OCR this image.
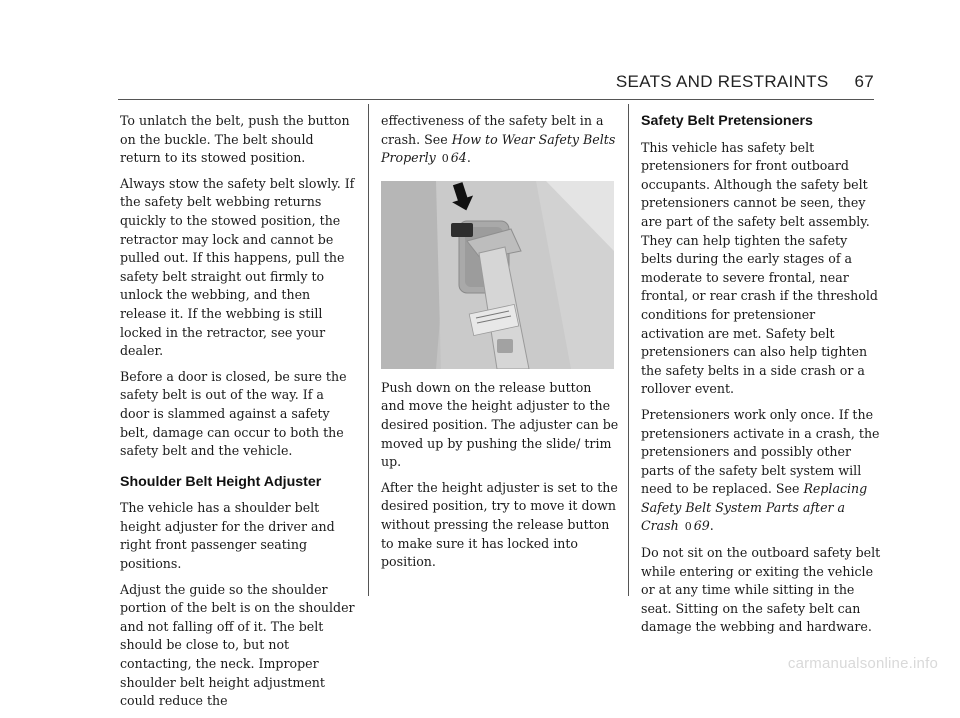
SEATS AND RESTRAINTS 67

To unlatch the belt, push the button on the buckle. The belt should return to its stowed position.

Always stow the safety belt slowly. If the safety belt webbing returns quickly to the stowed position, the retractor may lock and cannot be pulled out. If this happens, pull the safety belt straight out firmly to unlock the webbing, and then release it. If the webbing is still locked in the retractor, see your dealer.

Before a door is closed, be sure the safety belt is out of the way. If a door is slammed against a safety belt, damage can occur to both the safety belt and the vehicle.

Shoulder Belt Height Adjuster

The vehicle has a shoulder belt height adjuster for the driver and right front passenger seating positions.

Adjust the guide so the shoulder portion of the belt is on the shoulder and not falling off of it. The belt should be close to, but not contacting, the neck. Improper shoulder belt height adjustment could reduce the

effectiveness of the safety belt in a crash. See How to Wear Safety Belts Properly 0 64.

Push down on the release button and move the height adjuster to the desired position. The adjuster can be moved up by pushing the slide/ trim up.

After the height adjuster is set to the desired position, try to move it down without pressing the release button to make sure it has locked into position.

Safety Belt Pretensioners

This vehicle has safety belt pretensioners for front outboard occupants. Although the safety belt pretensioners cannot be seen, they are part of the safety belt assembly. They can help tighten the safety belts during the early stages of a moderate to severe frontal, near frontal, or rear crash if the threshold conditions for pretensioner activation are met. Safety belt pretensioners can also help tighten the safety belts in a side crash or a rollover event.

Pretensioners work only once. If the pretensioners activate in a crash, the pretensioners and possibly other parts of the safety belt system will need to be replaced. See Replacing Safety Belt System Parts after a Crash 0 69.

Do not sit on the outboard safety belt while entering or exiting the vehicle or at any time while sitting in the seat. Sitting on the safety belt can damage the webbing and hardware.

carmanualsonline.info
